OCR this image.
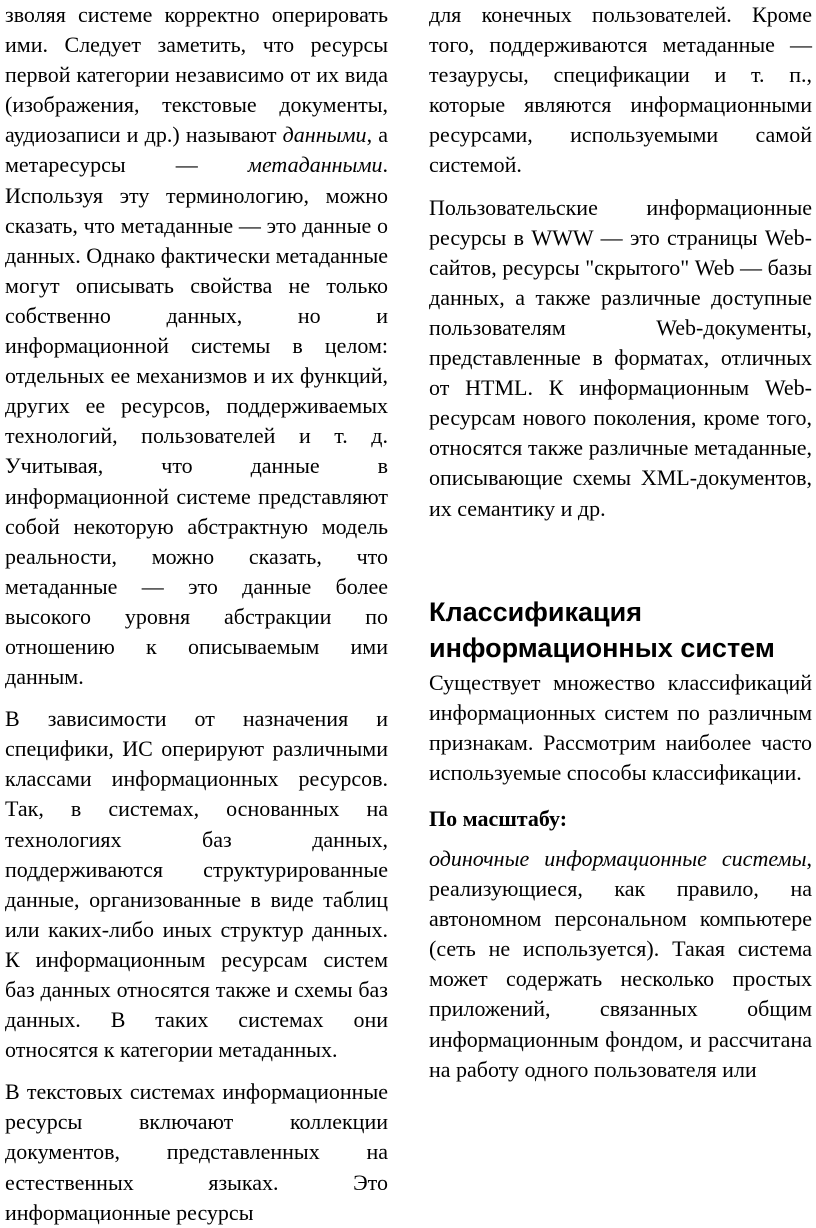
зволяя системе корректно оперировать ими. Следует заметить, что ресурсы первой категории независимо от их вида (изображения, текстовые документы, аудиозаписи и др.) называют данными, а метаресурсы — метаданными. Используя эту терминологию, можно сказать, что метаданные — это данные о данных. Однако фактически метаданные могут описывать свойства не только собственно данных, но и информационной системы в целом: отдельных ее механизмов и их функций, других ее ресурсов, поддерживаемых технологий, пользователей и т. д. Учитывая, что данные в информационной системе представляют собой некоторую абстрактную модель реальности, можно сказать, что метаданные — это данные более высокого уровня абстракции по отношению к описываемым ими данным.

В зависимости от назначения и специфики, ИС оперируют различными классами информационных ресурсов. Так, в системах, основанных на технологиях баз данных, поддерживаются структурированные данные, организованные в виде таблиц или каких-либо иных структур данных. К информационным ресурсам систем баз данных относятся также и схемы баз данных. В таких системах они относятся к категории метаданных.

В текстовых системах информационные ресурсы включают коллекции документов, представленных на естественных языках. Это информационные ресурсы

для конечных пользователей. Кроме того, поддерживаются метаданные — тезаурусы, спецификации и т. п., которые являются информационными ресурсами, используемыми самой системой.

Пользовательские информационные ресурсы в WWW — это страницы Web-сайтов, ресурсы "скрытого" Web — базы данных, а также различные доступные пользователям Web-документы, представленные в форматах, отличных от HTML. К информационным Web-ресурсам нового поколения, кроме того, относятся также различные метаданные, описывающие схемы XML-документов, их семантику и др.

Классификация
информационных систем

Существует множество классификаций информационных систем по различным признакам. Рассмотрим наиболее часто используемые способы классификации.

По масштабу:

одиночные информационные системы, реализующиеся, как правило, на автономном персональном компьютере (сеть не используется). Такая система может содержать несколько простых приложений, связанных общим информационным фондом, и рассчитана на работу одного пользователя или
